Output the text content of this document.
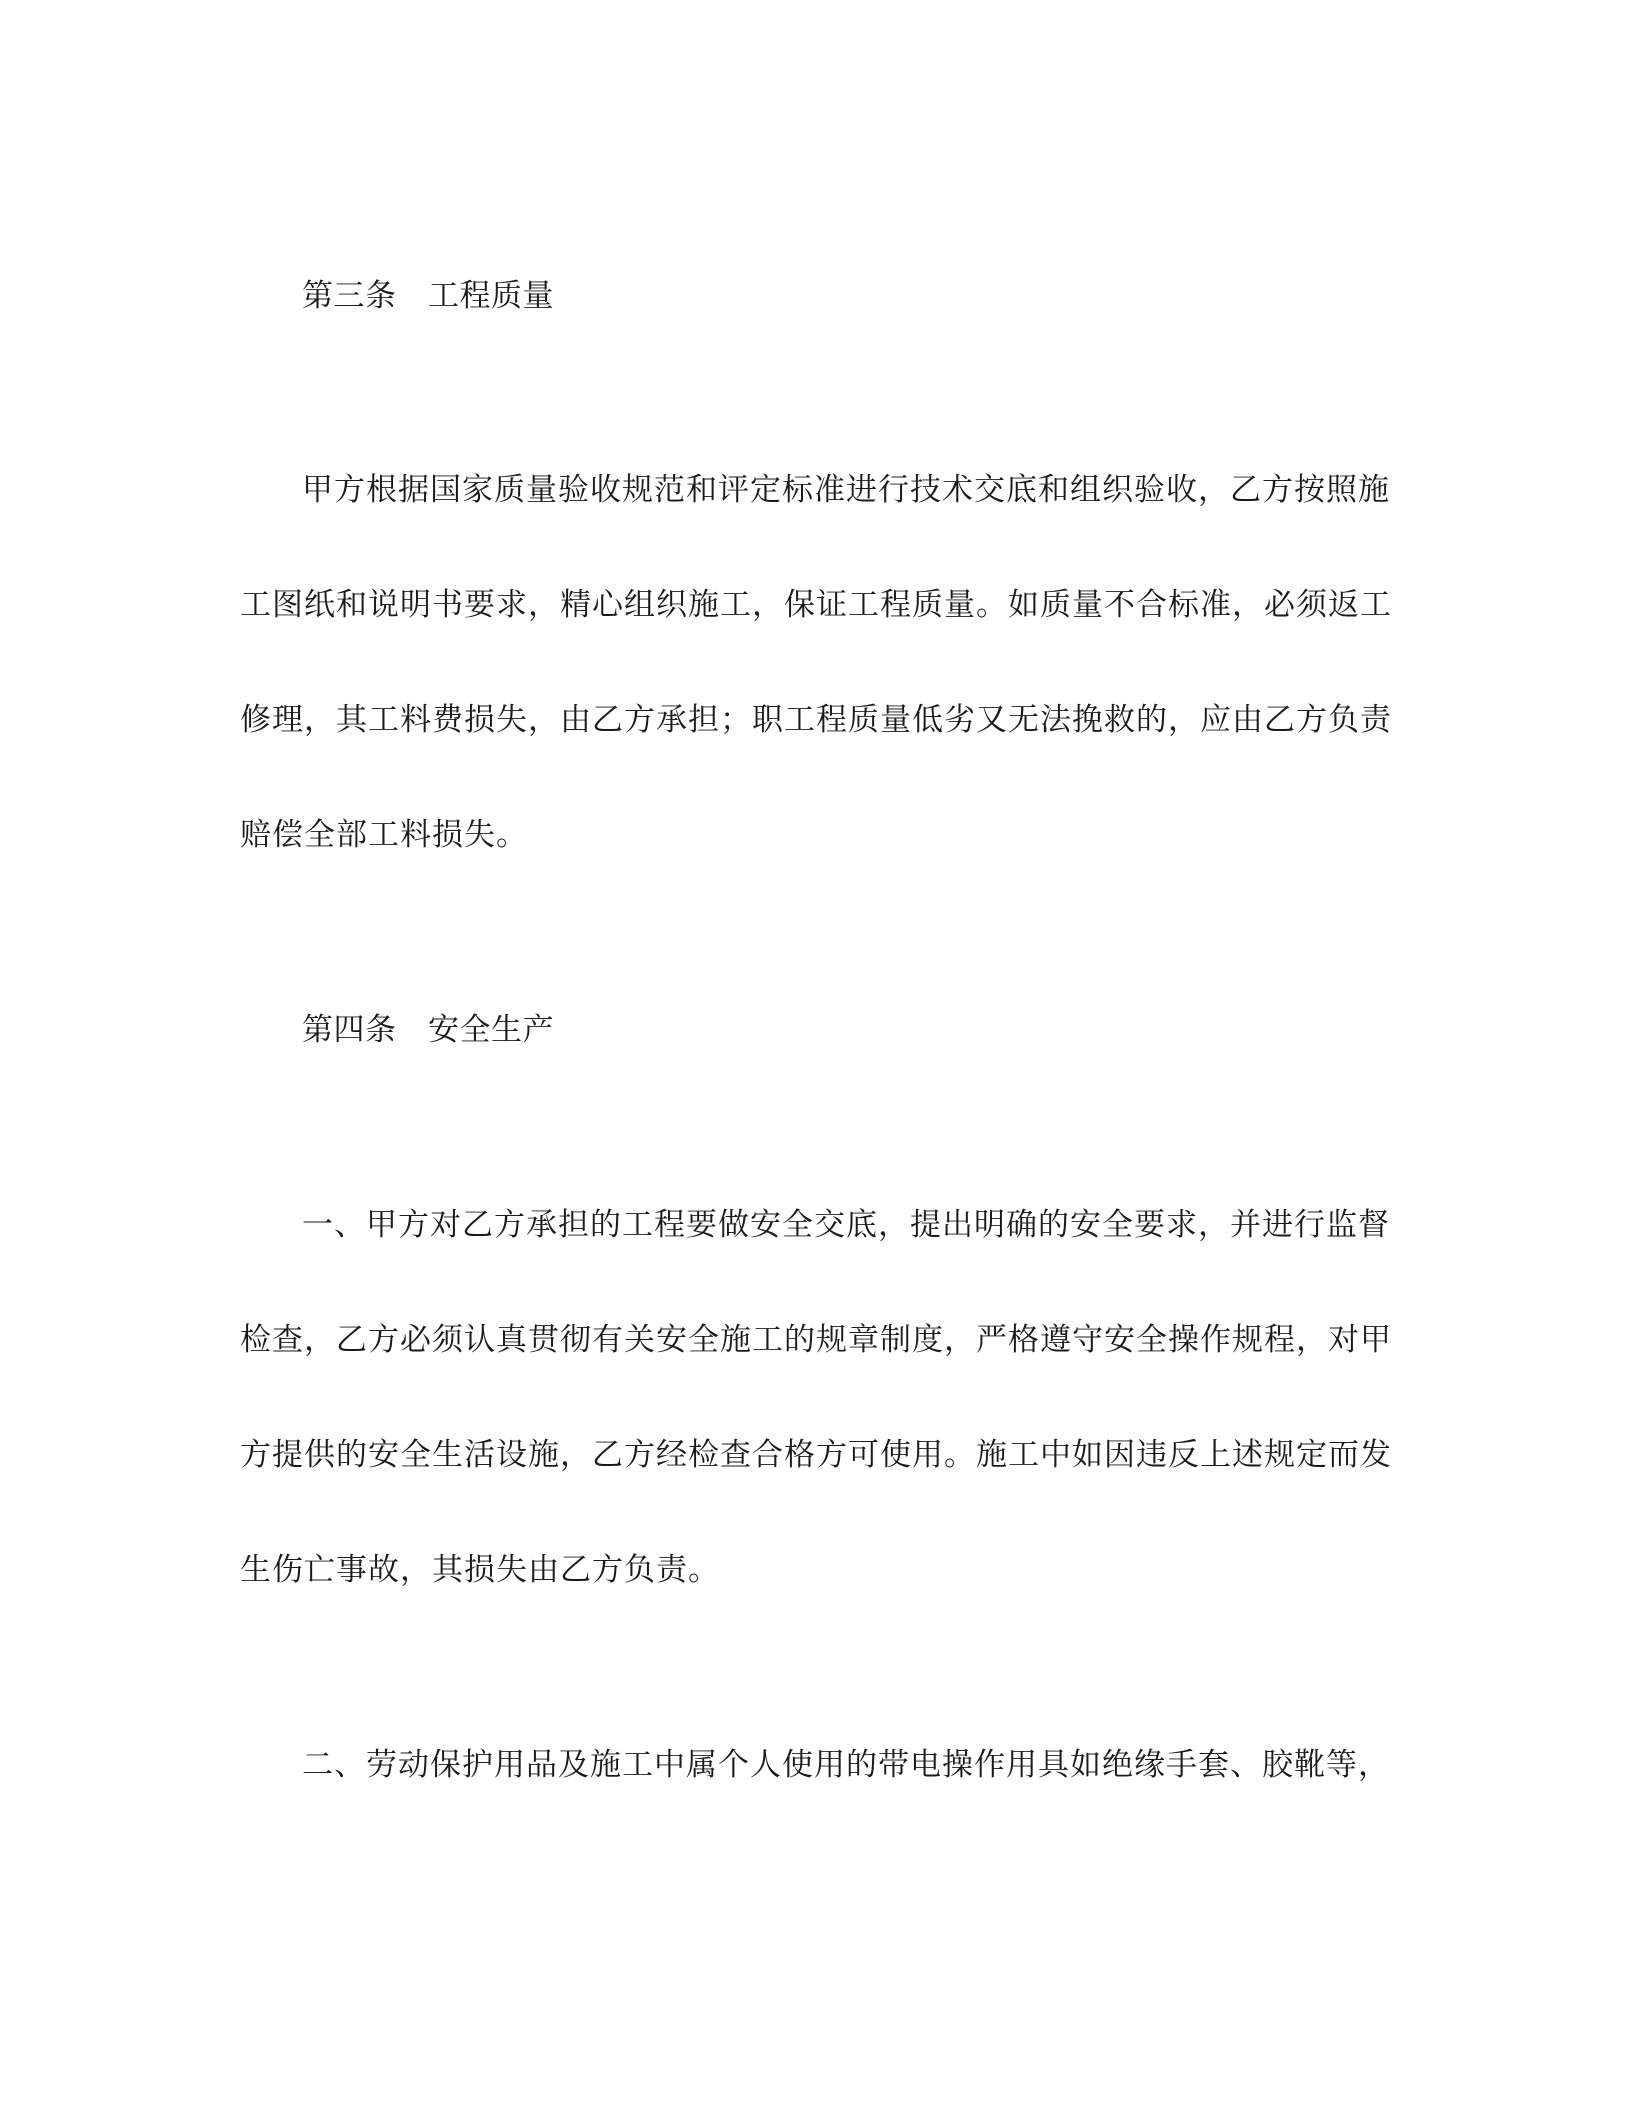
第三条　工程质量
甲方根据国家质量验收规范和评定标准进行技术交底和组织验收，乙方按照施
工图纸和说明书要求，精心组织施工，保证工程质量。如质量不合标准，必须返工
修理，其工料费损失，由乙方承担；职工程质量低劣又无法挽救的，应由乙方负责
赔偿全部工料损失。
第四条　安全生产
一、甲方对乙方承担的工程要做安全交底，提出明确的安全要求，并进行监督
检查，乙方必须认真贯彻有关安全施工的规章制度，严格遵守安全操作规程，对甲
方提供的安全生活设施，乙方经检查合格方可使用。施工中如因违反上述规定而发
生伤亡事故，其损失由乙方负责。
二、劳动保护用品及施工中属个人使用的带电操作用具如绝缘手套、胶靴等，
